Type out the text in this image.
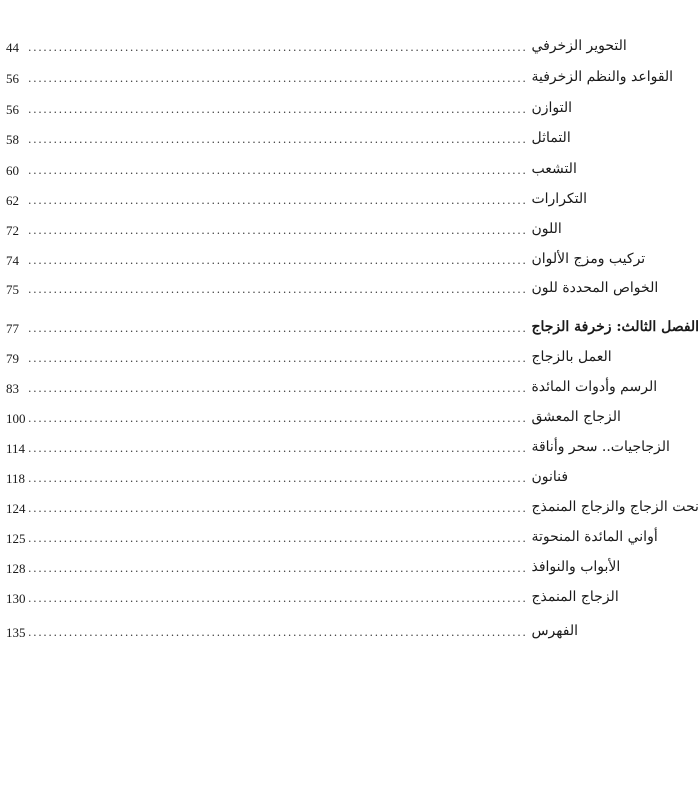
44 .................................................................................................. التحوير الزخرفي
56 .................................................................................................. القواعد والنظم الزخرفية
56 .................................................................................................. التوازن
58 .................................................................................................. التماثل
60 .................................................................................................. التشعب
62 .................................................................................................. التكرارات
72 .................................................................................................. اللون
74 .................................................................................................. تركيب ومزج الألوان
75 .................................................................................................. الخواص المحددة للون
77 .................................................................................................. الفصل الثالث: زخرفة الزجاج
79 .................................................................................................. العمل بالزجاج
83 .................................................................................................. الرسم وأدوات المائدة
100 .................................................................................................. الزجاج المعشق
114 .................................................................................................. الزجاجيات.. سحر وأناقة
118 .................................................................................................. فنانون
124 .................................................................................................. نحت الزجاج والزجاج المنمذج
125 .................................................................................................. أواني المائدة المنحوتة
128 .................................................................................................. الأبواب والنوافذ
130 .................................................................................................. الزجاج المنمذج
135 .................................................................................................. الفهرس
